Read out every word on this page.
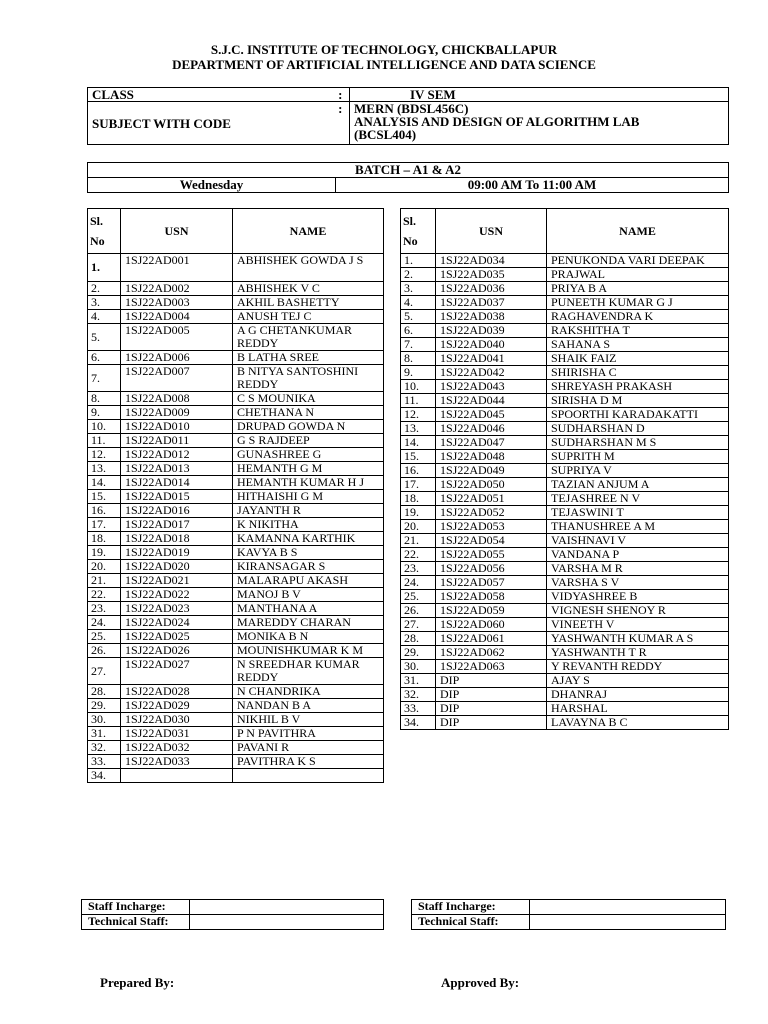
S.J.C. INSTITUTE OF TECHNOLOGY, CHICKBALLAPUR
DEPARTMENT OF ARTIFICIAL INTELLIGENCE AND DATA SCIENCE
CLASS	:	IV SEM
SUBJECT WITH CODE	:	MERN (BDSL456C)
ANALYSIS AND DESIGN OF ALGORITHM LAB
(BCSL404)
BATCH – A1 & A2
Wednesday	09:00 AM To 11:00 AM
Sl.
No	USN	NAME
1.	1SJ22AD001	ABHISHEK GOWDA J S
2.	1SJ22AD002	ABHISHEK V C
3.	1SJ22AD003	AKHIL BASHETTY
4.	1SJ22AD004	ANUSH TEJ C
5.	1SJ22AD005	A G CHETANKUMAR REDDY
6.	1SJ22AD006	B LATHA SREE
7.	1SJ22AD007	B NITYA SANTOSHINI REDDY
8.	1SJ22AD008	C S MOUNIKA
9.	1SJ22AD009	CHETHANA N
10.	1SJ22AD010	DRUPAD GOWDA N
11.	1SJ22AD011	G S RAJDEEP
12.	1SJ22AD012	GUNASHREE G
13.	1SJ22AD013	HEMANTH G M
14.	1SJ22AD014	HEMANTH KUMAR H J
15.	1SJ22AD015	HITHAISHI G M
16.	1SJ22AD016	JAYANTH R
17.	1SJ22AD017	K NIKITHA
18.	1SJ22AD018	KAMANNA KARTHIK
19.	1SJ22AD019	KAVYA B S
20.	1SJ22AD020	KIRANSAGAR S
21.	1SJ22AD021	MALARAPU AKASH
22.	1SJ22AD022	MANOJ B V
23.	1SJ22AD023	MANTHANA A
24.	1SJ22AD024	MAREDDY CHARAN
25.	1SJ22AD025	MONIKA B N
26.	1SJ22AD026	MOUNISHKUMAR K M
27.	1SJ22AD027	N SREEDHAR KUMAR REDDY
28.	1SJ22AD028	N CHANDRIKA
29.	1SJ22AD029	NANDAN B A
30.	1SJ22AD030	NIKHIL B V
31.	1SJ22AD031	P N PAVITHRA
32.	1SJ22AD032	PAVANI R
33.	1SJ22AD033	PAVITHRA K S
34.		
Sl.
No	USN	NAME
1.	1SJ22AD034	PENUKONDA VARI DEEPAK
2.	1SJ22AD035	PRAJWAL
3.	1SJ22AD036	PRIYA B A
4.	1SJ22AD037	PUNEETH KUMAR G J
5.	1SJ22AD038	RAGHAVENDRA K
6.	1SJ22AD039	RAKSHITHA T
7.	1SJ22AD040	SAHANA S
8.	1SJ22AD041	SHAIK FAIZ
9.	1SJ22AD042	SHIRISHA C
10.	1SJ22AD043	SHREYASH PRAKASH
11.	1SJ22AD044	SIRISHA D M
12.	1SJ22AD045	SPOORTHI KARADAKATTI
13.	1SJ22AD046	SUDHARSHAN D
14.	1SJ22AD047	SUDHARSHAN M S
15.	1SJ22AD048	SUPRITH M
16.	1SJ22AD049	SUPRIYA V
17.	1SJ22AD050	TAZIAN ANJUM A
18.	1SJ22AD051	TEJASHREE N V
19.	1SJ22AD052	TEJASWINI T
20.	1SJ22AD053	THANUSHREE A M
21.	1SJ22AD054	VAISHNAVI V
22.	1SJ22AD055	VANDANA P
23.	1SJ22AD056	VARSHA M R
24.	1SJ22AD057	VARSHA S V
25.	1SJ22AD058	VIDYASHREE B
26.	1SJ22AD059	VIGNESH SHENOY R
27.	1SJ22AD060	VINEETH V
28.	1SJ22AD061	YASHWANTH KUMAR A S
29.	1SJ22AD062	YASHWANTH T R
30.	1SJ22AD063	Y REVANTH REDDY
31.	DIP	AJAY S
32.	DIP	DHANRAJ
33.	DIP	HARSHAL
34.	DIP	LAVAYNA B C
Staff Incharge:	
Technical Staff:	
Staff Incharge:	
Technical Staff:	
Prepared By:	Approved By:
